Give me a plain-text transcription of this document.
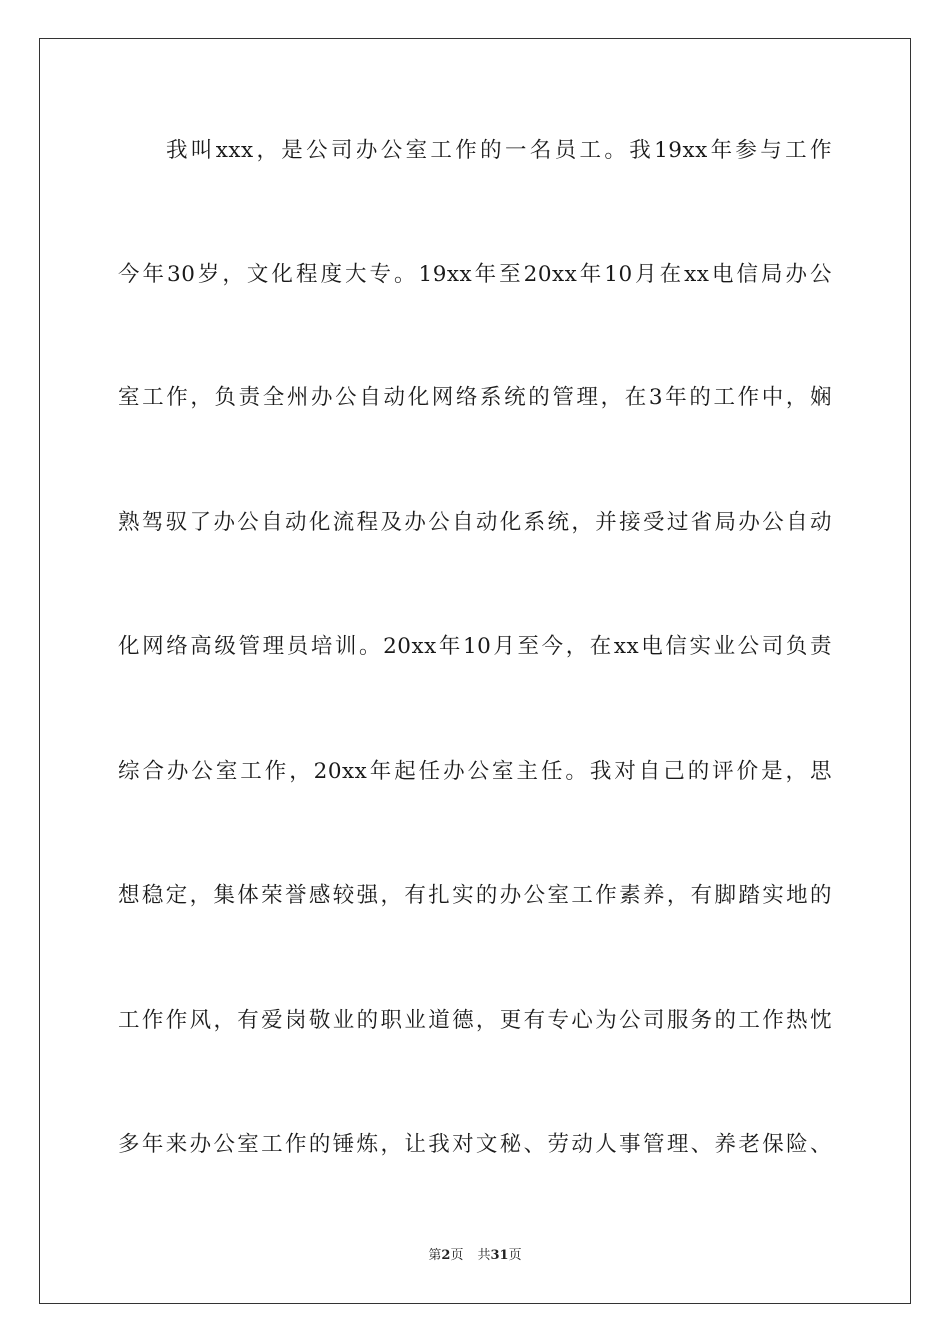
我叫xxx，是公司办公室工作的一名员工。我19xx年参与工作
今年30岁，文化程度大专。19xx年至20xx年10月在xx电信局办公
室工作，负责全州办公自动化网络系统的管理，在3年的工作中，娴
熟驾驭了办公自动化流程及办公自动化系统，并接受过省局办公自动
化网络高级管理员培训。20xx年10月至今，在xx电信实业公司负责
综合办公室工作，20xx年起任办公室主任。我对自己的评价是，思
想稳定，集体荣誉感较强，有扎实的办公室工作素养，有脚踏实地的
工作作风，有爱岗敬业的职业道德，更有专心为公司服务的工作热忱
多年来办公室工作的锤炼，让我对文秘、劳动人事管理、养老保险、
第2页 共31页
